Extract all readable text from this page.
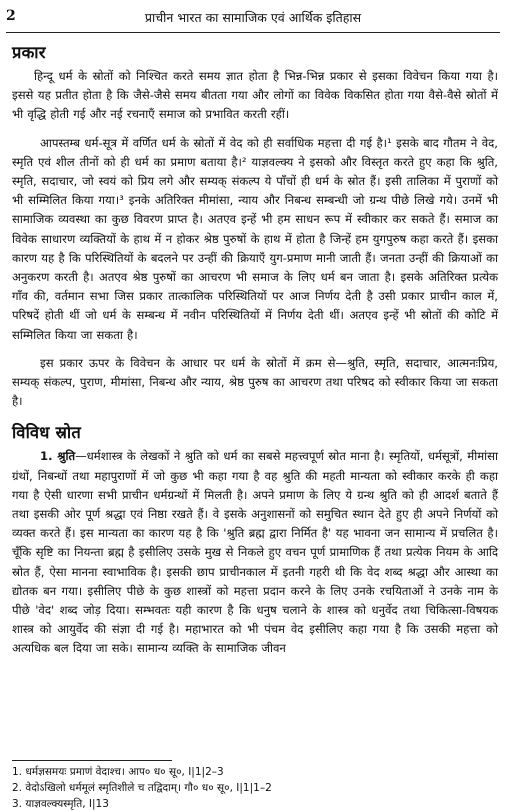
2	प्राचीन भारत का सामाजिक एवं आर्थिक इतिहास
प्रकार

हिन्दू धर्म के स्रोतों को निश्चित करते समय ज्ञात होता है भिन्न-भिन्न प्रकार से इसका विवेचन किया गया है। इससे यह प्रतीत होता है कि जैसे-जैसे समय बीतता गया और लोगों का विवेक विकसित होता गया वैसे-वैसे स्रोतों में भी वृद्धि होती गई और नई रचनाएँ समाज को प्रभावित करती रहीं।

आपस्तम्ब धर्म-सूत्र में वर्णित धर्म के स्रोतों में वेद को ही सर्वाधिक महत्ता दी गई है।¹ इसके बाद गौतम ने वेद, स्मृति एवं शील तीनों को ही धर्म का प्रमाण बताया है।² याज्ञवल्क्य ने इसको और विस्तृत करते हुए कहा कि श्रुति, स्मृति, सदाचार, जो स्वयं को प्रिय लगे और सम्यक् संकल्प ये पाँचों ही धर्म के स्रोत हैं। इसी तालिका में पुराणों को भी सम्मिलित किया गया।³ इनके अतिरिक्त मीमांसा, न्याय और निबन्ध सम्बन्धी जो ग्रन्थ पीछे लिखे गये। उनमें भी सामाजिक व्यवस्था का कुछ विवरण प्राप्त है। अतएव इन्हें भी हम साधन रूप में स्वीकार कर सकते हैं। समाज का विवेक साधारण व्यक्तियों के हाथ में न होकर श्रेष्ठ पुरुषों के हाथ में होता है जिन्हें हम युगपुरुष कहा करते हैं। इसका कारण यह है कि परिस्थितियों के बदलने पर उन्हीं की क्रियाएँ युग-प्रमाण मानी जाती हैं। जनता उन्हीं की क्रियाओं का अनुकरण करती है। अतएव श्रेष्ठ पुरुषों का आचरण भी समाज के लिए धर्म बन जाता है। इसके अतिरिक्त प्रत्येक गाँव की, वर्तमान सभा जिस प्रकार तात्कालिक परिस्थितियों पर आज निर्णय देती है उसी प्रकार प्राचीन काल में, परिषदें होती थीं जो धर्म के सम्बन्ध में नवीन परिस्थितियों में निर्णय देती थीं। अतएव इन्हें भी स्रोतों की कोटि में सम्मिलित किया जा सकता है।

इस प्रकार ऊपर के विवेचन के आधार पर धर्म के स्रोतों में क्रम से—श्रुति, स्मृति, सदाचार, आत्मनःप्रिय, सम्यक् संकल्प, पुराण, मीमांसा, निबन्ध और न्याय, श्रेष्ठ पुरुष का आचरण तथा परिषद को स्वीकार किया जा सकता है।

विविध स्रोत

1. श्रुति—धर्मशास्त्र के लेखकों ने श्रुति को धर्म का सबसे महत्त्वपूर्ण स्रोत माना है। स्मृतियों, धर्मसूत्रों, मीमांसा ग्रंथों, निबन्धों तथा महापुराणों में जो कुछ भी कहा गया है वह श्रुति की महती मान्यता को स्वीकार करके ही कहा गया है ऐसी धारणा सभी प्राचीन धर्मग्रन्थों में मिलती है। अपने प्रमाण के लिए ये ग्रन्थ श्रुति को ही आदर्श बताते हैं तथा इसकी ओर पूर्ण श्रद्धा एवं निष्ठा रखते हैं। वे इसके अनुशासनों को समुचित स्थान देते हुए ही अपने निर्णयों को व्यक्त करते हैं। इस मान्यता का कारण यह है कि 'श्रुति ब्रह्म द्वारा निर्मित है' यह भावना जन सामान्य में प्रचलित है। चूँकि सृष्टि का नियन्ता ब्रह्म है इसीलिए उसके मुख से निकले हुए वचन पूर्ण प्रामाणिक हैं तथा प्रत्येक नियम के आदि स्रोत हैं, ऐसा मानना स्वाभाविक है। इसकी छाप प्राचीनकाल में इतनी गहरी थी कि वेद शब्द श्रद्धा और आस्था का द्योतक बन गया। इसीलिए पीछे के कुछ शास्त्रों को महत्ता प्रदान करने के लिए उनके रचयिताओं ने उनके नाम के पीछे 'वेद' शब्द जोड़ दिया। सम्भवतः यही कारण है कि धनुष चलाने के शास्त्र को धनुर्वेद तथा चिकित्सा-विषयक शास्त्र को आयुर्वेद की संज्ञा दी गई है। महाभारत को भी पंचम वेद इसीलिए कहा गया है कि उसकी महत्ता को अत्यधिक बल दिया जा सके। सामान्य व्यक्ति के सामाजिक जीवन

1. धर्मज्ञसमयः प्रमाणं वेदाश्च। आप० ध० सू०, I|1|2–3

2. वेदोऽखिलो धर्ममूलं स्मृतिशीले च तद्विदाम्। गौ० ध० सू०, I|1|1–2

3. याज्ञवल्क्यस्मृति, I|13
